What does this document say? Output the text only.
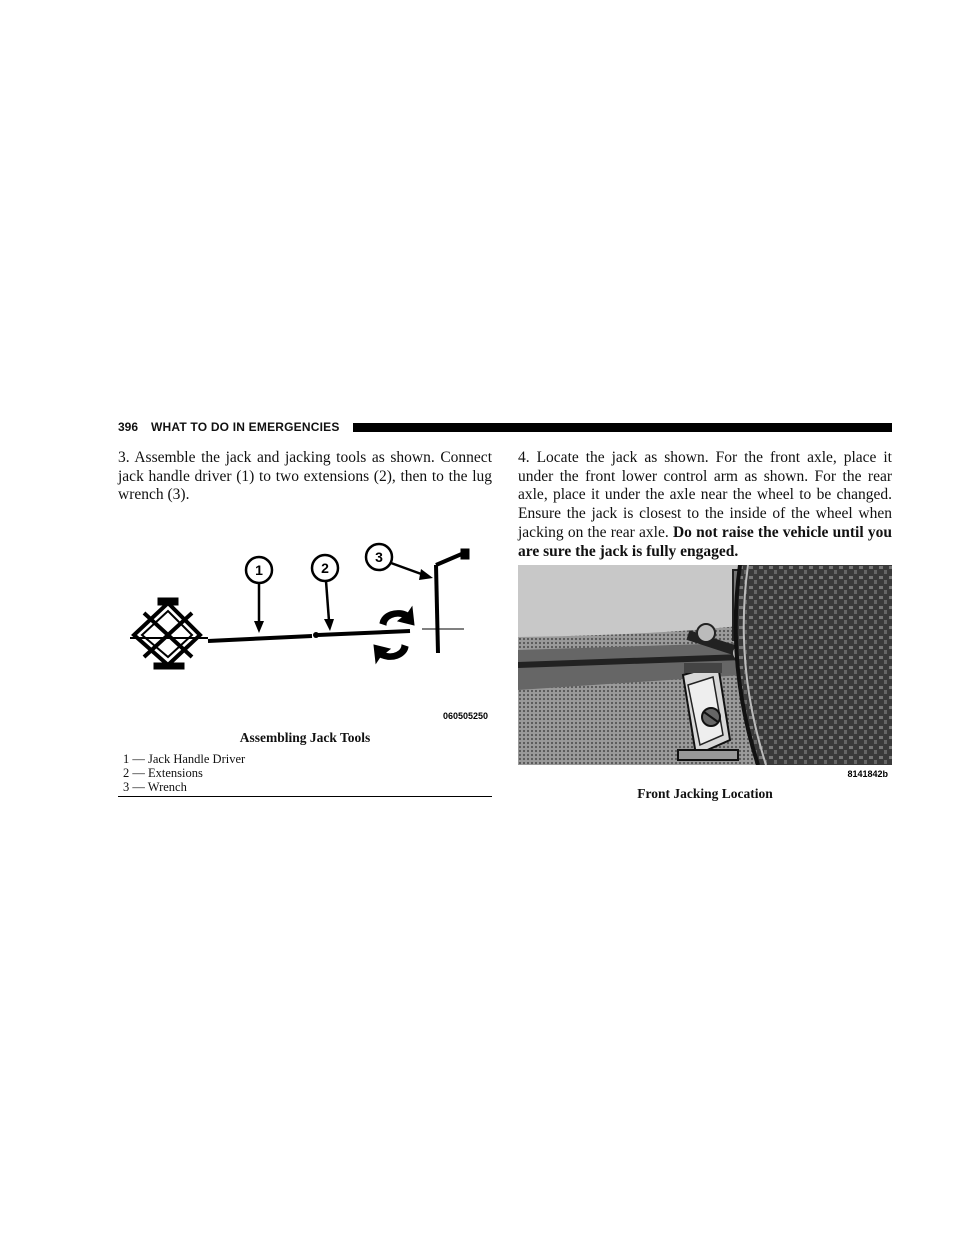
396 WHAT TO DO IN EMERGENCIES
3. Assemble the jack and jacking tools as shown. Connect jack handle driver (1) to two extensions (2), then to the lug wrench (3).
1	2
3
060505250
Assembling Jack Tools
1 — Jack Handle Driver
2 — Extensions
3 — Wrench
4. Locate the jack as shown. For the front axle, place it under the front lower control arm as shown. For the rear axle, place it under the axle near the wheel to be changed. Ensure the jack is closest to the inside of the wheel when jacking on the rear axle. Do not raise the vehicle until you are sure the jack is fully engaged.
8141842b
Front Jacking Location
